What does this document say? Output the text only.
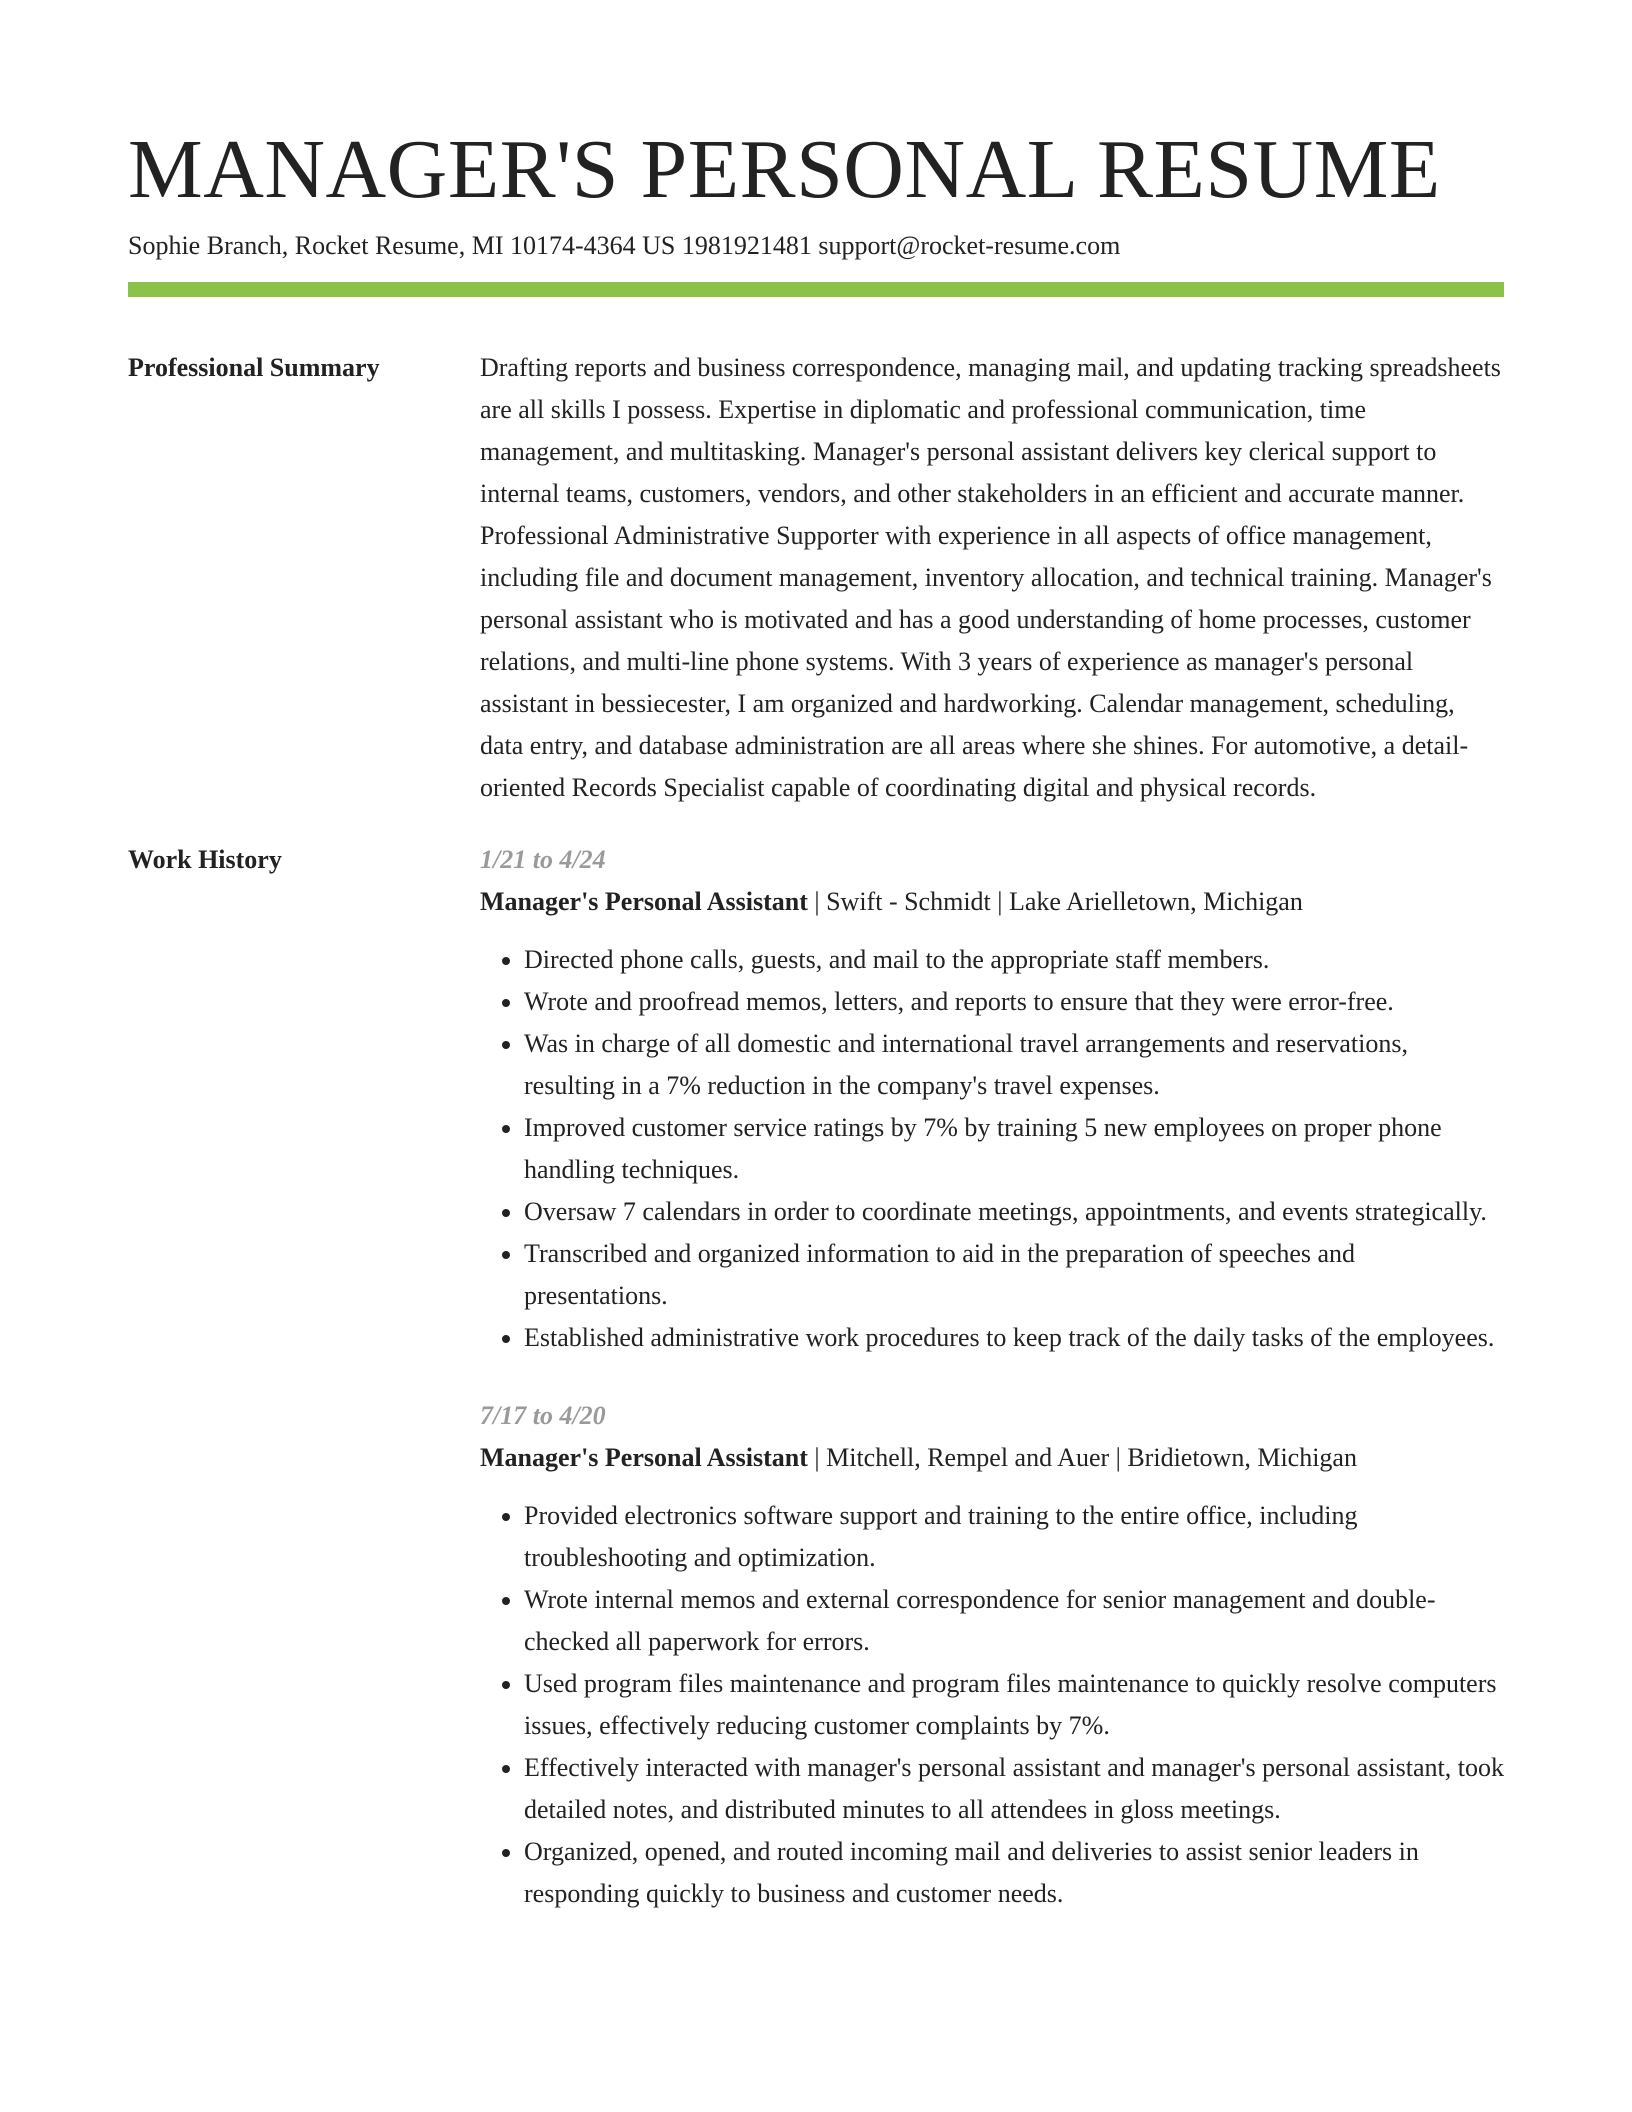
MANAGER'S PERSONAL RESUME
Sophie Branch, Rocket Resume, MI 10174-4364 US 1981921481 support@rocket-resume.com
Professional Summary	Drafting reports and business correspondence, managing mail, and updating tracking spreadsheets are all skills I possess. Expertise in diplomatic and professional communication, time management, and multitasking. Manager's personal assistant delivers key clerical support to internal teams, customers, vendors, and other stakeholders in an efficient and accurate manner. Professional Administrative Supporter with experience in all aspects of office management, including file and document management, inventory allocation, and technical training. Manager's personal assistant who is motivated and has a good understanding of home processes, customer relations, and multi-line phone systems. With 3 years of experience as manager's personal assistant in bessiecester, I am organized and hardworking. Calendar management, scheduling, data entry, and database administration are all areas where she shines. For automotive, a detail-oriented Records Specialist capable of coordinating digital and physical records.

Work History	1/21 to 4/24
Manager's Personal Assistant | Swift - Schmidt | Lake Arielletown, Michigan
• Directed phone calls, guests, and mail to the appropriate staff members.
• Wrote and proofread memos, letters, and reports to ensure that they were error-free.
• Was in charge of all domestic and international travel arrangements and reservations, resulting in a 7% reduction in the company's travel expenses.
• Improved customer service ratings by 7% by training 5 new employees on proper phone handling techniques.
• Oversaw 7 calendars in order to coordinate meetings, appointments, and events strategically.
• Transcribed and organized information to aid in the preparation of speeches and presentations.
• Established administrative work procedures to keep track of the daily tasks of the employees.
7/17 to 4/20
Manager's Personal Assistant | Mitchell, Rempel and Auer | Bridietown, Michigan
• Provided electronics software support and training to the entire office, including troubleshooting and optimization.
• Wrote internal memos and external correspondence for senior management and double-checked all paperwork for errors.
• Used program files maintenance and program files maintenance to quickly resolve computers issues, effectively reducing customer complaints by 7%.
• Effectively interacted with manager's personal assistant and manager's personal assistant, took detailed notes, and distributed minutes to all attendees in gloss meetings.
• Organized, opened, and routed incoming mail and deliveries to assist senior leaders in responding quickly to business and customer needs.
